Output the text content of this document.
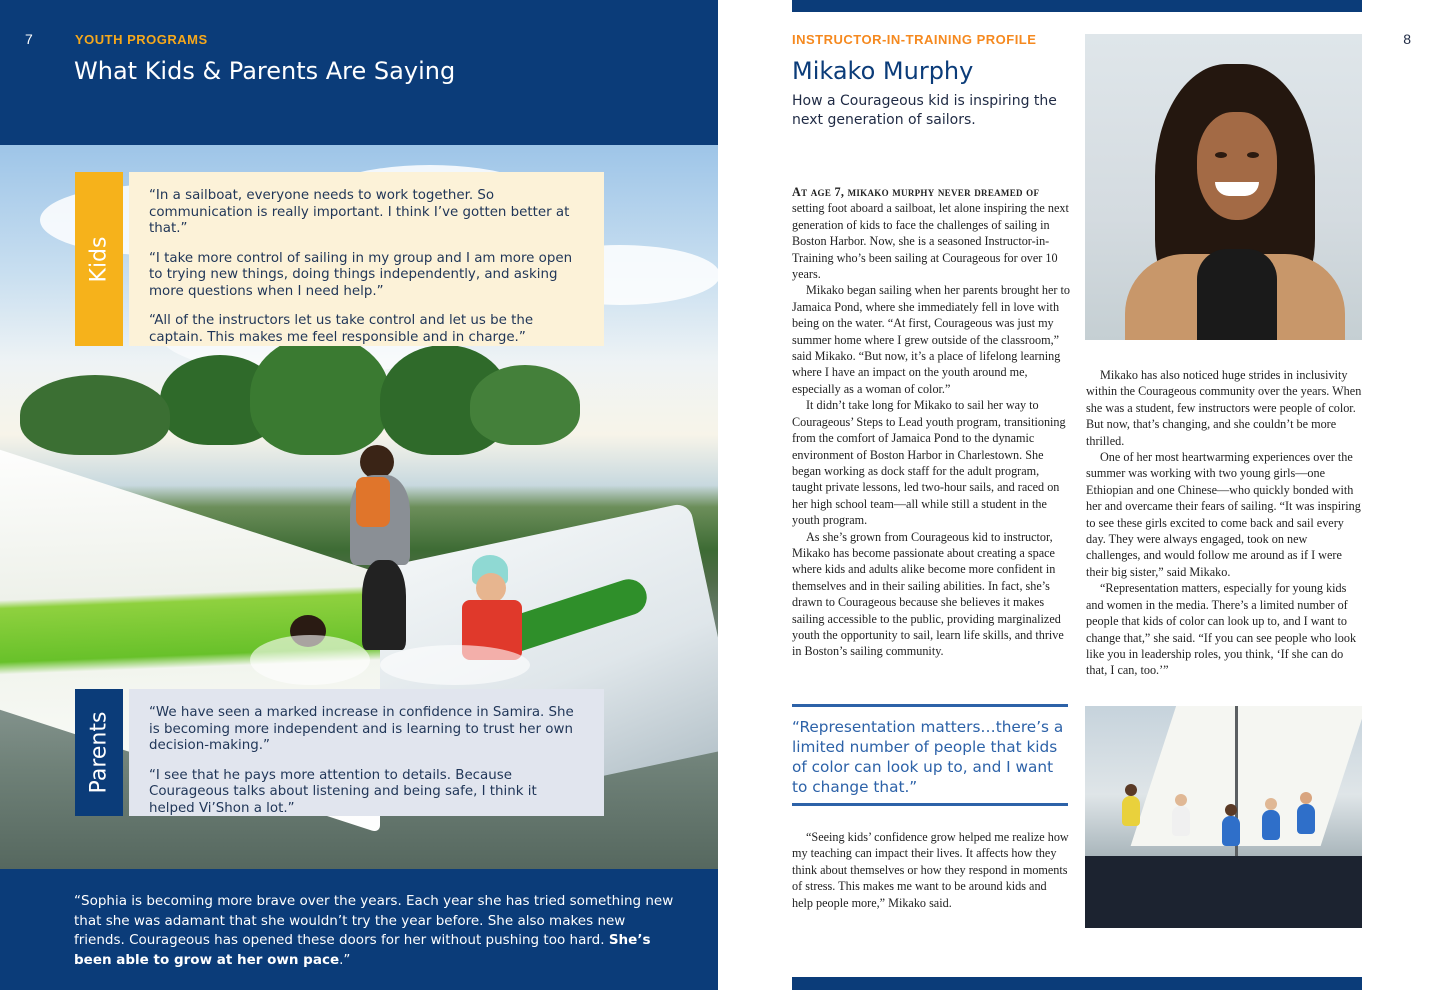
7	YOUTH PROGRAMS
What Kids & Parents Are Saying
Kids

“In a sailboat, everyone needs to work together. So communication is really important. I think I’ve gotten better at that.”

“I take more control of sailing in my group and I am more open to trying new things, doing things independently, and asking more questions when I need help.”

“All of the instructors let us take control and let us be the captain. This makes me feel responsible and in charge.”

Parents	“We have seen a marked increase in confidence in Samira. She is becoming more independent and is learning to trust her own decision-making.”

“I see that he pays more attention to details. Because Courageous talks about listening and being safe, I think it helped Vi’Shon a lot.”

“Sophia is becoming more brave over the years. Each year she has tried something new that she was adamant that she wouldn’t try the year before. She also makes new friends. Courageous has opened these doors for her without pushing too hard. She’s been able to grow at her own pace.”
8
INSTRUCTOR-IN-TRAINING PROFILE
Mikako Murphy
How a Courageous kid is inspiring the next generation of sailors.

At age 7, mikako murphy never dreamed of setting foot aboard a sailboat, let alone inspiring the next generation of kids to face the challenges of sailing in Boston Harbor. Now, she is a seasoned Instructor-in-Training who’s been sailing at Courageous for over 10 years.

Mikako began sailing when her parents brought her to Jamaica Pond, where she immediately fell in love with being on the water. “At first, Courageous was just my summer home where I grew outside of the classroom,” said Mikako. “But now, it’s a place of lifelong learning where I have an impact on the youth around me, especially as a woman of color.”

It didn’t take long for Mikako to sail her way to Courageous’ Steps to Lead youth program, transitioning from the comfort of Jamaica Pond to the dynamic environment of Boston Harbor in Charlestown. She began working as dock staff for the adult program, taught private lessons, led two-hour sails, and raced on her high school team—all while still a student in the youth program.

As she’s grown from Courageous kid to instructor, Mikako has become passionate about creating a space where kids and adults alike become more confident in themselves and in their sailing abilities. In fact, she’s drawn to Courageous because she believes it makes sailing accessible to the public, providing marginalized youth the opportunity to sail, learn life skills, and thrive in Boston’s sailing community.

Mikako has also noticed huge strides in inclusivity within the Courageous community over the years. When she was a student, few instructors were people of color. But now, that’s changing, and she couldn’t be more thrilled.

One of her most heartwarming experiences over the summer was working with two young girls—one Ethiopian and one Chinese—who quickly bonded with her and overcame their fears of sailing. “It was inspiring to see these girls excited to come back and sail every day. They were always engaged, took on new challenges, and would follow me around as if I were their big sister,” said Mikako.

“Representation matters, especially for young kids and women in the media. There’s a limited number of people that kids of color can look up to, and I want to change that,” she said. “If you can see people who look like you in leadership roles, you think, ‘If she can do that, I can, too.’”

“Representation matters…there’s a limited number of people that kids of color can look up to, and I want to change that.”

“Seeing kids’ confidence grow helped me realize how my teaching can impact their lives. It affects how they think about themselves or how they respond in moments of stress. This makes me want to be around kids and help people more,” Mikako said.
